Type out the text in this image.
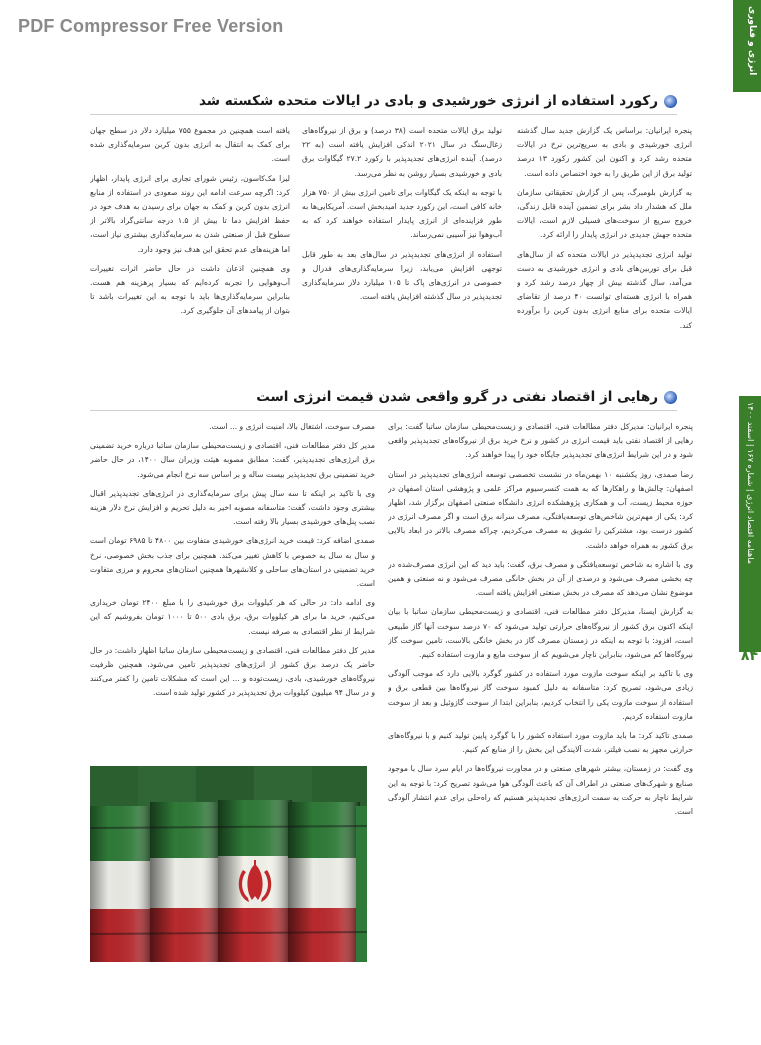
PDF Compressor Free Version	انرژی و فناوری
ماهنامه اقتصاد انرژی | شماره ۱۶۷ | اسفند ۱۴۰۰
۸۴
رکورد استفاده از انرژی خورشیدی و بادی در ایالات متحده شکسته شد

پنجره ایرانیان: براساس یک گزارش جدید سال گذشته انرژی خورشیدی و بادی به سریع‌ترین نرخ در ایالات متحده رشد کرد و اکنون این کشور رکورد ۱۳ درصد تولید برق از این طریق را به خود اختصاص داده است.

به گزارش بلومبرگ، پس از گزارش تحقیقاتی سازمان ملل که هشدار داد بشر برای تضمین آینده قابل زندگی، خروج سریع از سوخت‌های فسیلی لازم است، ایالات متحده جهش جدیدی در انرژی پایدار را ارائه کرد.

تولید انرژی تجدیدپذیر در ایالات متحده که از سال‌های قبل برای توربین‌های بادی و انرژی خورشیدی به دست می‌آمد، سال گذشته بیش از چهار درصد رشد کرد و همراه با انرژی هسته‌ای توانست ۴۰ درصد از تقاضای ایالات متحده برای منابع انرژی بدون کربن را برآورده کند.

تولید برق ایالات متحده است (۳۸ درصد) و برق از نیروگاه‌های زغال‌سنگ در سال ۲۰۲۱ اندکی افزایش یافته است (به ۲۲ درصد). آینده انرژی‌های تجدیدپذیر با رکورد ۲۷.۲ گیگاوات برق بادی و خورشیدی بسیار روشن به نظر می‌رسد.

با توجه به اینکه یک گیگاوات برای تامین انرژی بیش از ۷۵۰ هزار خانه کافی است، این رکورد جدید امیدبخش است. آمریکایی‌ها به طور فزاینده‌ای از انرژی پایدار استفاده خواهند کرد که به آب‌وهوا نیز آسیبی نمی‌رساند.

استفاده از انرژی‌های تجدیدپذیر در سال‌های بعد به طور قابل توجهی افزایش می‌یابد، زیرا سرمایه‌گذاری‌های فدرال و خصوصی در انرژی‌های پاک تا ۱۰۵ میلیارد دلار سرمایه‌گذاری تجدیدپذیر در سال گذشته افزایش یافته است.

یافته است همچنین در مجموع ۷۵۵ میلیارد دلار در سطح جهان برای کمک به انتقال به انرژی بدون کربن سرمایه‌گذاری شده است.

لیزا مک‌کاسون، رئیس شورای تجاری برای انرژی پایدار، اظهار کرد: اگرچه سرعت ادامه این روند صعودی در استفاده از منابع انرژی بدون کربن و کمک به جهان برای رسیدن به هدف خود در حفظ افزایش دما تا بیش از ۱.۵ درجه سانتی‌گراد بالاتر از سطوح قبل از صنعتی شدن به سرمایه‌گذاری بیشتری نیاز است، اما هزینه‌های عدم تحقق این هدف نیز وجود دارد.

وی همچنین اذعان داشت در حال حاضر اثرات تغییرات آب‌وهوایی را تجربه کرده‌ایم که بسیار پرهزینه هم هست. بنابراین سرمایه‌گذاری‌ها باید با توجه به این تغییرات باشد تا بتوان از پیامدهای آن جلوگیری کرد.

رهایی از اقتصاد نفتی در گرو واقعی شدن قیمت انرژی است

پنجره ایرانیان: مدیرکل دفتر مطالعات فنی، اقتصادی و زیست‌محیطی سازمان ساتبا گفت: برای رهایی از اقتصاد نفتی باید قیمت انرژی در کشور و نرخ خرید برق از نیروگاه‌های تجدیدپذیر واقعی شود و در این شرایط انرژی‌های تجدیدپذیر جایگاه خود را پیدا خواهند کرد.

رضا صمدی، روز یکشنبه ۱۰ بهمن‌ماه در نشست تخصصی توسعه انرژی‌های تجدیدپذیر در استان اصفهان: چالش‌ها و راهکارها که به همت کنسرسیوم مراکز علمی و پژوهشی استان اصفهان در حوزه محیط زیست، آب و همکاری پژوهشکده انرژی دانشگاه صنعتی اصفهان برگزار شد، اظهار کرد: یکی از مهم‌ترین شاخص‌های توسعه‌یافتگی، مصرف سرانه برق است و اگر مصرف انرژی در کشور درست بود، مشترکین را تشویق به مصرف می‌کردیم، چراکه مصرف بالاتر در ابعاد بالایی برق کشور به همراه خواهد داشت.

وی با اشاره به شاخص توسعه‌یافتگی و مصرف برق، گفت: باید دید که این انرژی مصرف‌شده در چه بخشی مصرف می‌شود و درصدی از آن در بخش خانگی مصرف می‌شود و نه صنعتی و همین موضوع نشان می‌دهد که مصرف در بخش صنعتی افزایش یافته است.

به گزارش ایسنا، مدیرکل دفتر مطالعات فنی، اقتصادی و زیست‌محیطی سازمان ساتبا با بیان اینکه اکنون برق کشور از نیروگاه‌های حرارتی تولید می‌شود که ۷۰ درصد سوخت آنها گاز طبیعی است، افزود: با توجه به اینکه در زمستان مصرف گاز در بخش خانگی بالاست، تامین سوخت گاز نیروگاه‌ها کم می‌شود، بنابراین ناچار می‌شویم که از سوخت مایع و مازوت استفاده کنیم.

وی با تاکید بر اینکه سوخت مازوت مورد استفاده در کشور گوگرد بالایی دارد که موجب آلودگی زیادی می‌شود، تصریح کرد: متاسفانه به دلیل کمبود سوخت گاز نیروگاه‌ها بین قطعی برق و استفاده از سوخت مازوت یکی را انتخاب کردیم، بنابراین ابتدا از سوخت گازوئیل و بعد از سوخت مازوت استفاده کردیم.

صمدی تاکید کرد: ما باید مازوت مورد استفاده کشور را با گوگرد پایین تولید کنیم و با نیروگاه‌های حرارتی مجهز به نصب فیلتر، شدت آلایندگی این بخش را از منابع کم کنیم.

وی گفت: در زمستان، بیشتر شهرهای صنعتی و در مجاورت نیروگاه‌ها در ایام سرد سال با موجود صنایع و شهرک‌های صنعتی در اطراف آن که باعث آلودگی هوا می‌شود تصریح کرد: با توجه به این شرایط ناچار به حرکت به سمت انرژی‌های تجدیدپذیر هستیم که راه‌حلی برای عدم انتشار آلودگی است.

مصرف سوخت، اشتغال بالا، امنیت انرژی و ... است.

مدیر کل دفتر مطالعات فنی، اقتصادی و زیست‌محیطی سازمان ساتبا درباره خرید تضمینی برق انرژی‌های تجدیدپذیر، گفت: مطابق مصوبه هیئت وزیران سال ۱۴۰۰، در حال حاضر خرید تضمینی برق تجدیدپذیر بیست ساله و بر اساس سه نرخ انجام می‌شود.

وی با تاکید بر اینکه تا سه سال پیش برای سرمایه‌گذاری در انرژی‌های تجدیدپذیر اقبال بیشتری وجود داشت، گفت: متاسفانه مصوبه اخیر به دلیل تحریم و افزایش نرخ دلار هزینه نصب پنل‌های خورشیدی بسیار بالا رفته است.

صمدی اضافه کرد: قیمت خرید انرژی‌های خورشیدی متفاوت بین ۴۸۰۰ تا ۶۹۸۵ تومان است و سال به سال به خصوص با کاهش تغییر می‌کند. همچنین برای جذب بخش خصوصی، نرخ خرید تضمینی در استان‌های ساحلی و کلانشهرها همچنین استان‌های محروم و مرزی متفاوت است.

وی ادامه داد: در حالی که هر کیلووات برق خورشیدی را با مبلغ ۲۴۰۰ تومان خریداری می‌کنیم، خرید ما برای هر کیلووات برق، برق بادی ۵۰۰ تا ۱۰۰۰ تومان بفروشیم که این شرایط از نظر اقتصادی به صرفه نیست.

مدیر کل دفتر مطالعات فنی، اقتصادی و زیست‌محیطی سازمان ساتبا اظهار داشت: در حال حاضر یک درصد برق کشور از انرژی‌های تجدیدپذیر تامین می‌شود، همچنین ظرفیت نیروگاه‌های خورشیدی، بادی، زیست‌توده و ... این است که مشکلات تامین را کمتر می‌کنند و در سال ۹۴ میلیون کیلووات برق تجدیدپذیر در کشور تولید شده است.
